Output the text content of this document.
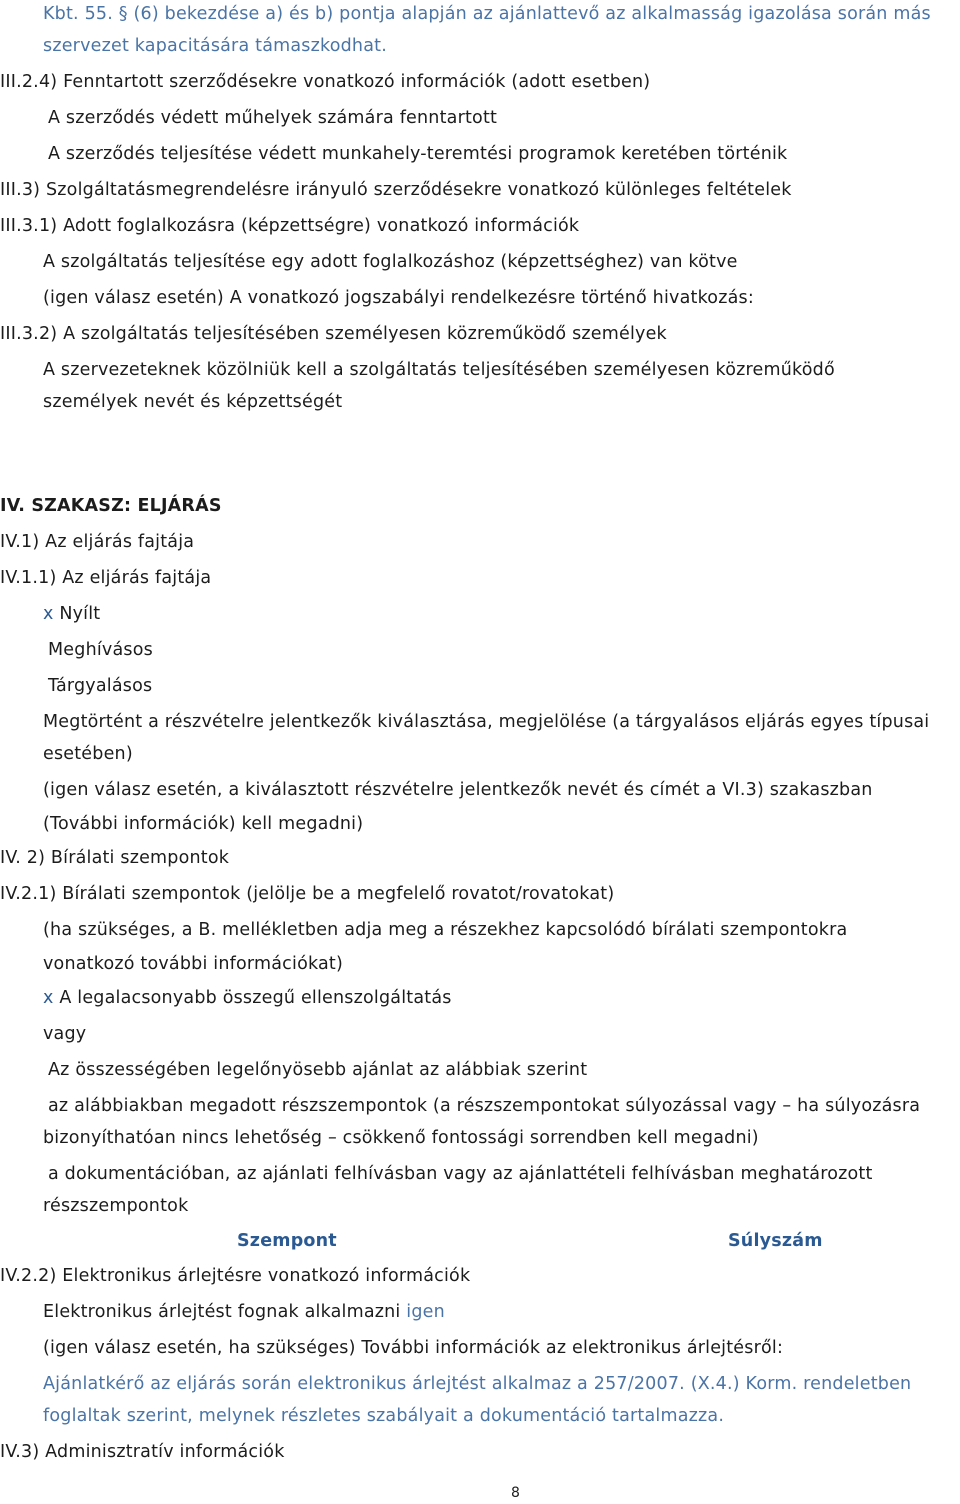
Kbt. 55. § (6) bekezdése a) és b) pontja alapján az ajánlattevő az alkalmasság igazolása során más
szervezet kapacitására támaszkodhat.
III.2.4) Fenntartott szerződésekre vonatkozó információk (adott esetben)
A szerződés védett műhelyek számára fenntartott
A szerződés teljesítése védett munkahely-teremtési programok keretében történik
III.3) Szolgáltatásmegrendelésre irányuló szerződésekre vonatkozó különleges feltételek
III.3.1) Adott foglalkozásra (képzettségre) vonatkozó információk
A szolgáltatás teljesítése egy adott foglalkozáshoz (képzettséghez) van kötve
(igen válasz esetén) A vonatkozó jogszabályi rendelkezésre történő hivatkozás:
III.3.2) A szolgáltatás teljesítésében személyesen közreműködő személyek
A szervezeteknek közölniük kell a szolgáltatás teljesítésében személyesen közreműködő
személyek nevét és képzettségét
IV. SZAKASZ: ELJÁRÁS
IV.1) Az eljárás fajtája
IV.1.1) Az eljárás fajtája
x Nyílt
Meghívásos
Tárgyalásos
Megtörtént a részvételre jelentkezők kiválasztása, megjelölése (a tárgyalásos eljárás egyes típusai
esetében)
(igen válasz esetén, a kiválasztott részvételre jelentkezők nevét és címét a VI.3) szakaszban
(További információk) kell megadni)
IV. 2) Bírálati szempontok
IV.2.1) Bírálati szempontok (jelölje be a megfelelő rovatot/rovatokat)
(ha szükséges, a B. mellékletben adja meg a részekhez kapcsolódó bírálati szempontokra
vonatkozó további információkat)
x A legalacsonyabb összegű ellenszolgáltatás
vagy
Az összességében legelőnyösebb ajánlat az alábbiak szerint
az alábbiakban megadott részszempontok (a részszempontokat súlyozással vagy – ha súlyozásra
bizonyíthatóan nincs lehetőség – csökkenő fontossági sorrendben kell megadni)
a dokumentációban, az ajánlati felhívásban vagy az ajánlattételi felhívásban meghatározott
részszempontok
Szempont	Súlyszám
IV.2.2) Elektronikus árlejtésre vonatkozó információk
Elektronikus árlejtést fognak alkalmazni igen
(igen válasz esetén, ha szükséges) További információk az elektronikus árlejtésről:
Ajánlatkérő az eljárás során elektronikus árlejtést alkalmaz a 257/2007. (X.4.) Korm. rendeletben
foglaltak szerint, melynek részletes szabályait a dokumentáció tartalmazza.
IV.3) Adminisztratív információk
8
